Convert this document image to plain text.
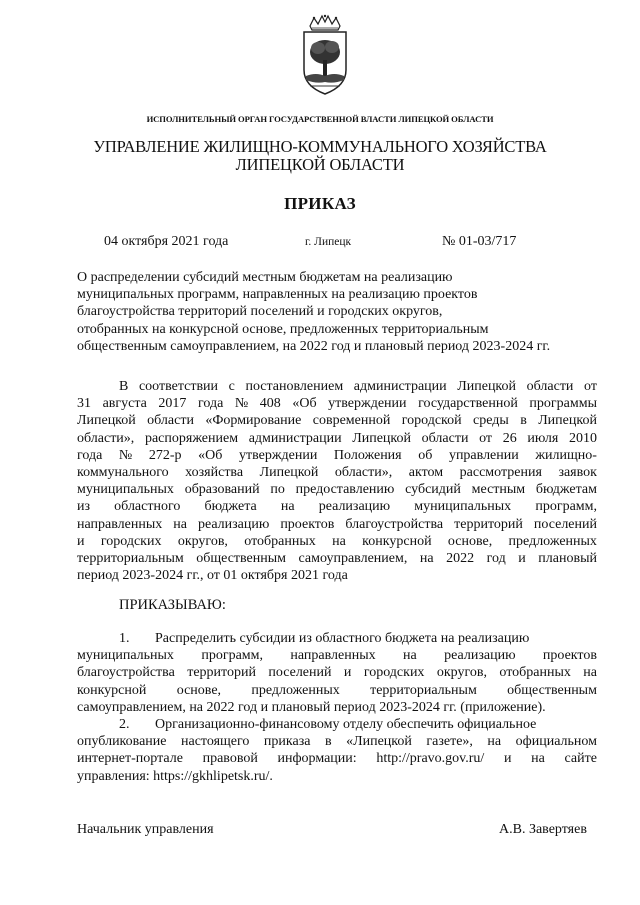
ИСПОЛНИТЕЛЬНЫЙ ОРГАН ГОСУДАРСТВЕННОЙ ВЛАСТИ ЛИПЕЦКОЙ ОБЛАСТИ
УПРАВЛЕНИЕ ЖИЛИЩНО-КОММУНАЛЬНОГО ХОЗЯЙСТВА
ЛИПЕЦКОЙ ОБЛАСТИ
ПРИКАЗ
04 октября 2021 года	г. Липецк	№ 01-03/717
О распределении субсидий местным бюджетам на реализацию
муниципальных программ, направленных на реализацию проектов
благоустройства территорий поселений и городских округов,
отобранных на конкурсной основе, предложенных территориальным
общественным самоуправлением, на 2022 год и плановый период 2023-2024 гг.
В соответствии с постановлением администрации Липецкой области от
31 августа 2017 года № 408 «Об утверждении государственной программы
Липецкой области «Формирование современной городской среды в Липецкой
области», распоряжением администрации Липецкой области от 26 июля 2010
года № 272-р «Об утверждении Положения об управлении жилищно-
коммунального хозяйства Липецкой области», актом рассмотрения заявок
муниципальных образований по предоставлению субсидий местным бюджетам
из областного бюджета на реализацию муниципальных программ,
направленных на реализацию проектов благоустройства территорий поселений
и городских округов, отобранных на конкурсной основе, предложенных
территориальным общественным самоуправлением, на 2022 год и плановый
период 2023-2024 гг., от 01 октября 2021 года
ПРИКАЗЫВАЮ:
1. Распределить субсидии из областного бюджета на реализацию
муниципальных программ, направленных на реализацию проектов
благоустройства территорий поселений и городских округов, отобранных на
конкурсной основе, предложенных территориальным общественным
самоуправлением, на 2022 год и плановый период 2023-2024 гг. (приложение).
2. Организационно-финансовому отделу обеспечить официальное
опубликование настоящего приказа в «Липецкой газете», на официальном
интернет-портале правовой информации: http://pravo.gov.ru/ и на сайте
управления: https://gkhlipetsk.ru/.
Начальник управления	А.В. Завертяев
